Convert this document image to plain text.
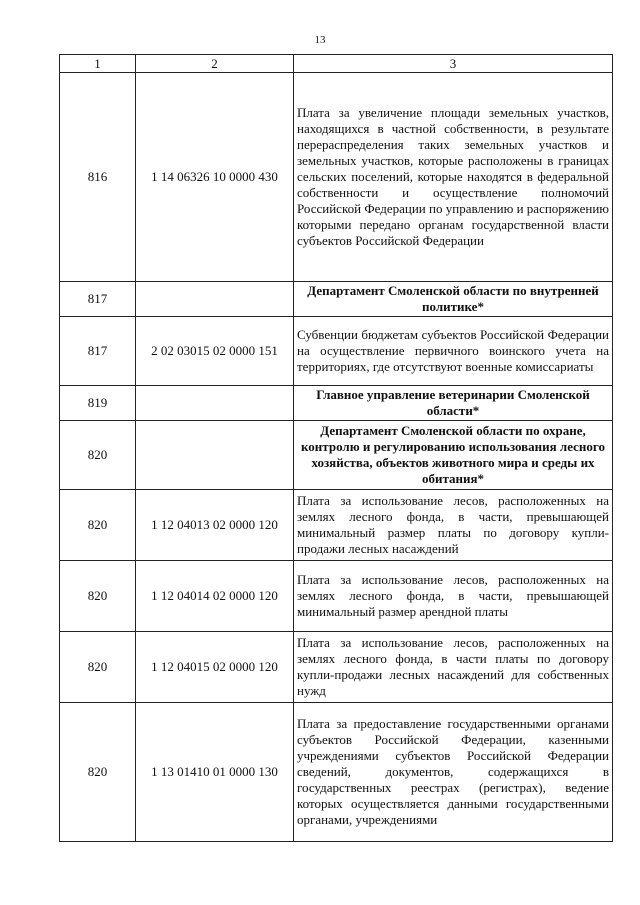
13
1	2	3
816	1 14 06326 10 0000 430	Плата за увеличение площади земельных участков, находящихся в частной собственности, в результате перераспределения таких земельных участков и земельных участков, которые расположены в границах сельских поселений, которые находятся в федеральной собственности и осуществление полномочий Российской Федерации по управлению и распоряжению которыми передано органам государственной власти субъектов Российской Федерации
817		Департамент Смоленской области по внутренней политике*
817	2 02 03015 02 0000 151	Субвенции бюджетам субъектов Российской Федерации на осуществление первичного воинского учета на территориях, где отсутствуют военные комиссариаты
819		Главное управление ветеринарии Смоленской области*
820		Департамент Смоленской области по охране, контролю и регулированию использования лесного хозяйства, объектов животного мира и среды их обитания*
820	1 12 04013 02 0000 120	Плата за использование лесов, расположенных на землях лесного фонда, в части, превышающей минимальный размер платы по договору купли-продажи лесных насаждений
820	1 12 04014 02 0000 120	Плата за использование лесов, расположенных на землях лесного фонда, в части, превышающей минимальный размер арендной платы
820	1 12 04015 02 0000 120	Плата за использование лесов, расположенных на землях лесного фонда, в части платы по договору купли-продажи лесных насаждений для собственных нужд
820	1 13 01410 01 0000 130	Плата за предоставление государственными органами субъектов Российской Федерации, казенными учреждениями субъектов Российской Федерации сведений, документов, содержащихся в государственных реестрах (регистрах), ведение которых осуществляется данными государственными органами, учреждениями
